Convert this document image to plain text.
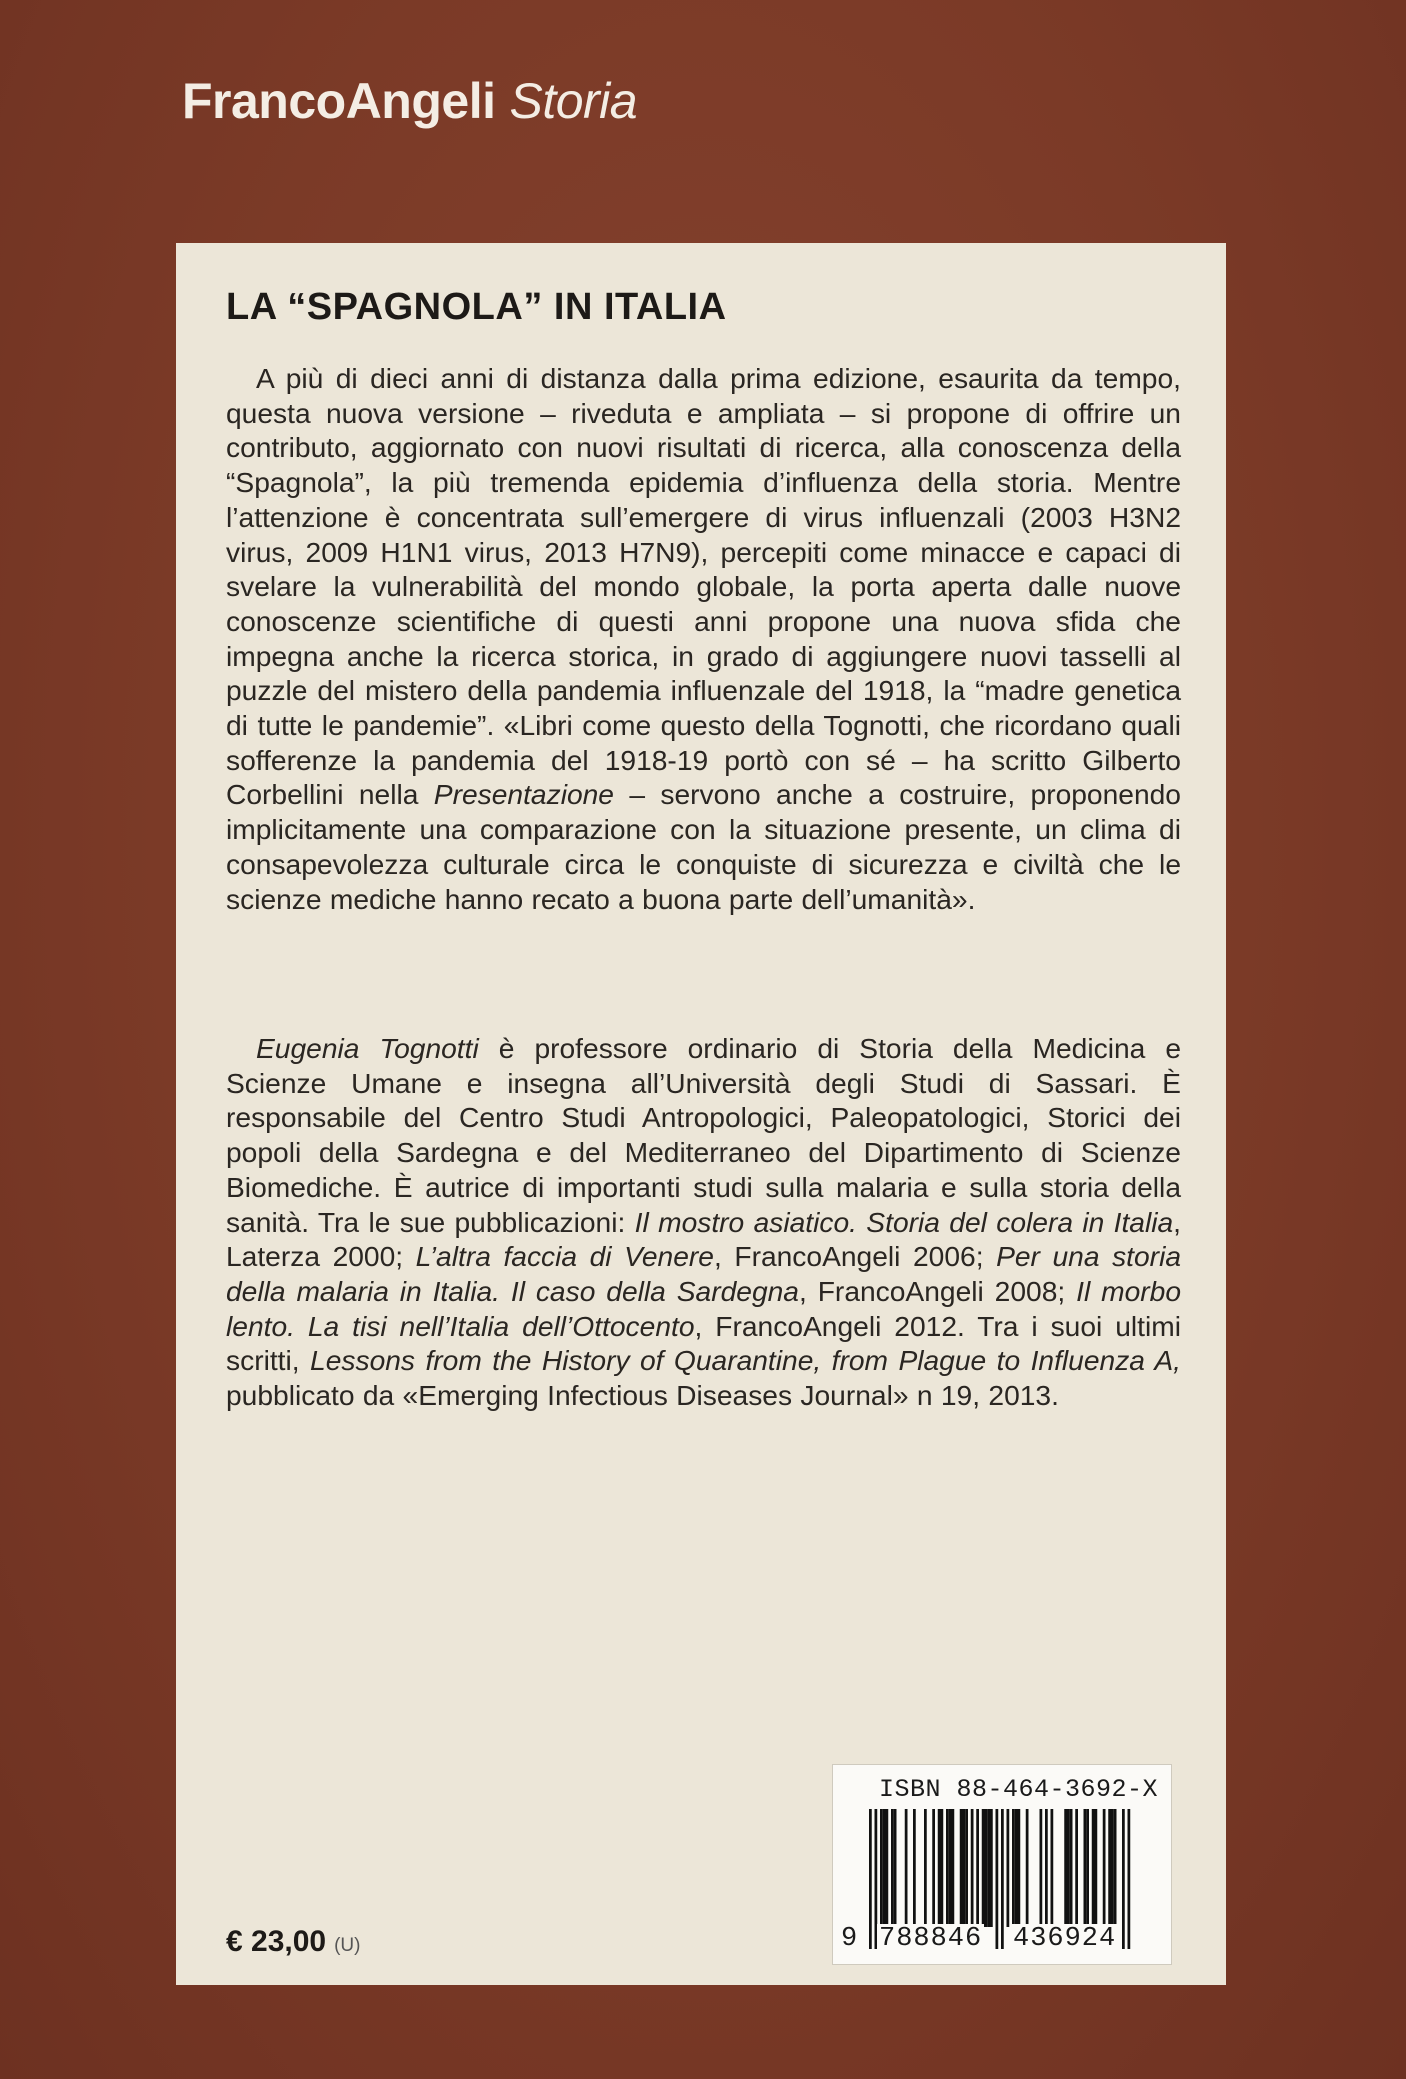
FrancoAngeli Storia
LA “SPAGNOLA” IN ITALIA

A più di dieci anni di distanza dalla prima edizione, esaurita da tempo, questa nuova versione – riveduta e ampliata – si propone di offrire un contributo, aggiornato con nuovi risultati di ricerca, alla conoscenza della “Spagnola”, la più tremenda epidemia d’influenza della storia. Mentre l’attenzione è concentrata sull’emergere di virus influenzali (2003 H3N2 virus, 2009 H1N1 virus, 2013 H7N9), percepiti come minacce e capaci di svelare la vulnerabilità del mondo globale, la porta aperta dalle nuove conoscenze scientifiche di questi anni propone una nuova sfida che impegna anche la ricerca storica, in grado di aggiungere nuovi tasselli al puzzle del mistero della pandemia influenzale del 1918, la “madre genetica di tutte le pandemie”. «Libri come questo della Tognotti, che ricordano quali sofferenze la pandemia del 1918-19 portò con sé – ha scritto Gilberto Corbellini nella Presentazione – servono anche a costruire, proponendo implicitamente una comparazione con la situazione presente, un clima di consapevolezza culturale circa le conquiste di sicurezza e civiltà che le scienze mediche hanno recato a buona parte dell’umanità».

Eugenia Tognotti è professore ordinario di Storia della Medicina e Scienze Umane e insegna all’Università degli Studi di Sassari. È responsabile del Centro Studi Antropologici, Paleopatologici, Storici dei popoli della Sardegna e del Mediterraneo del Dipartimento di Scienze Biomediche. È autrice di importanti studi sulla malaria e sulla storia della sanità. Tra le sue pubblicazioni: Il mostro asiatico. Storia del colera in Italia, Laterza 2000; L’altra faccia di Venere, FrancoAngeli 2006; Per una storia della malaria in Italia. Il caso della Sardegna, FrancoAngeli 2008; Il morbo lento. La tisi nell’Italia dell’Ottocento, FrancoAngeli 2012. Tra i suoi ultimi scritti, Lessons from the History of Quarantine, from Plague to Influenza A, pubblicato da «Emerging Infectious Diseases Journal» n 19, 2013.

€ 23,00 (U)
ISBN 88-464-3692-X
9 788846 436924
